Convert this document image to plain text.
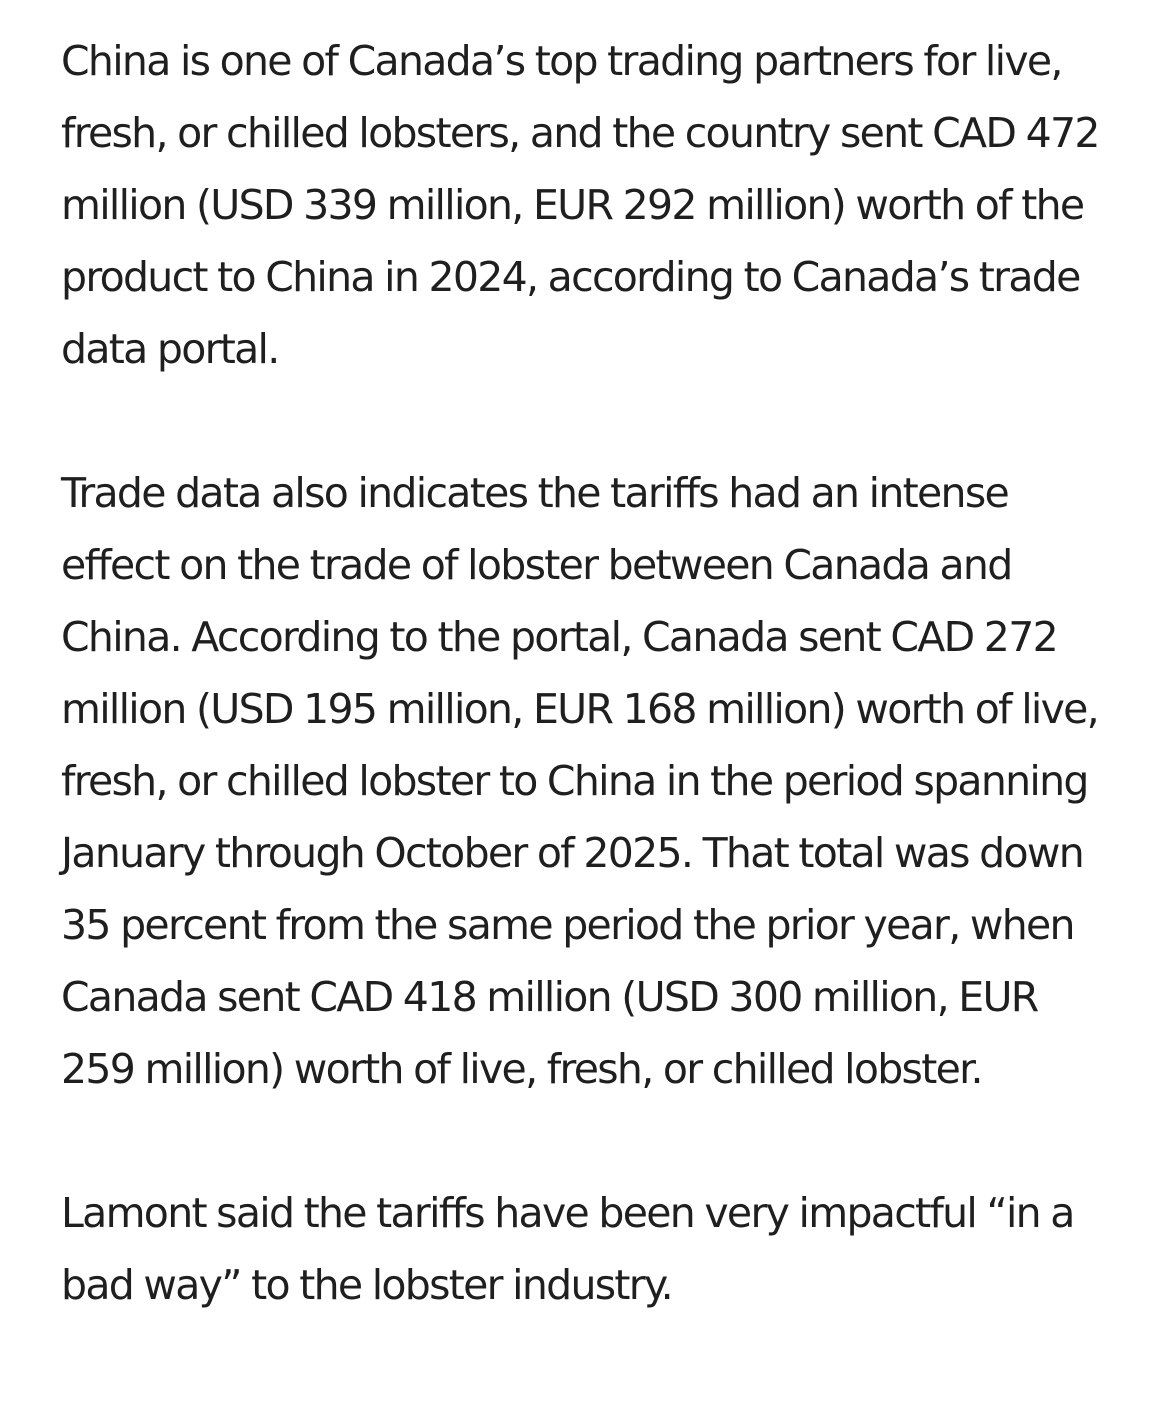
China is one of Canada’s top trading partners for live, fresh, or chilled lobsters, and the country sent CAD 472 million (USD 339 million, EUR 292 million) worth of the product to China in 2024, according to Canada’s trade data portal.

Trade data also indicates the tariffs had an intense effect on the trade of lobster between Canada and China. According to the portal, Canada sent CAD 272 million (USD 195 million, EUR 168 million) worth of live, fresh, or chilled lobster to China in the period spanning January through October of 2025. That total was down 35 percent from the same period the prior year, when Canada sent CAD 418 million (USD 300 million, EUR 259 million) worth of live, fresh, or chilled lobster.

Lamont said the tariffs have been very impactful “in a bad way” to the lobster industry.
